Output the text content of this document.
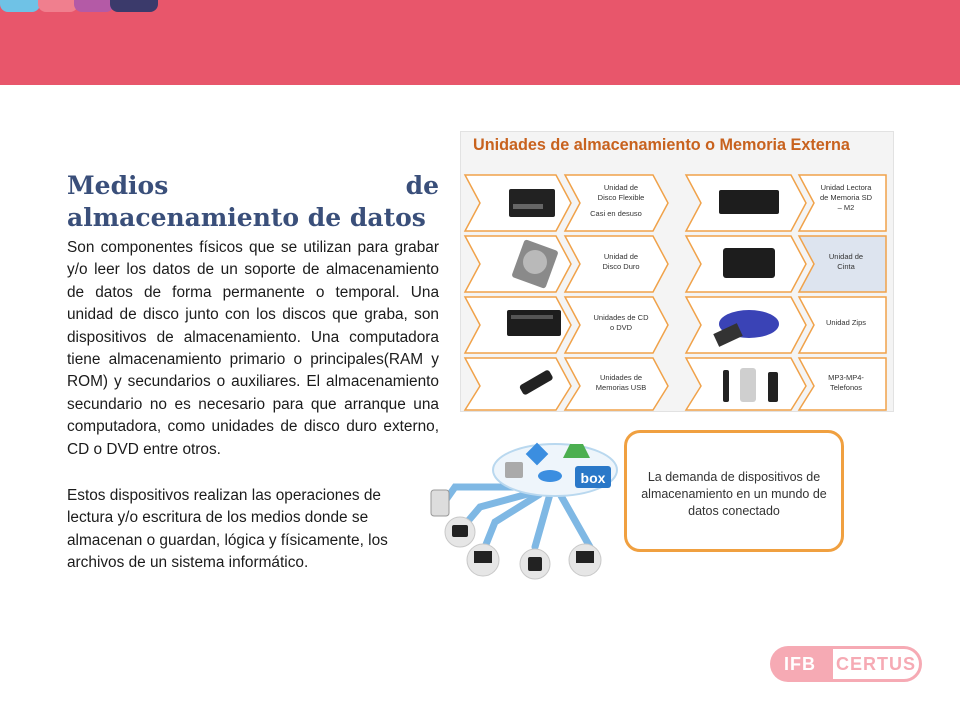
Medios de almacenamiento de datos
Son componentes físicos que se utilizan para grabar y/o leer los datos de un soporte de almacenamiento de datos de forma permanente o temporal. Una unidad de disco junto con los discos que graba, son dispositivos de almacenamiento. Una computadora tiene almacenamiento primario o principales(RAM y ROM) y secundarios o auxiliares. El almacenamiento secundario no es necesario para que arranque una computadora, como unidades de disco duro externo, CD o DVD entre otros.
Estos dispositivos realizan las operaciones de lectura y/o escritura de los medios donde se almacenan o guardan, lógica y físicamente, los archivos de un sistema informático.
Unidad de
Disco Flexible
Casi en desuso
Unidad de
Disco Duro
Unidades de CD
o DVD
Unidades de
Memorias USB
Unidad Lectora
de Memoria SD
– M2
Unidad de
Cinta
Unidad Zips
MP3-MP4-
Telefonos
Unidades de almacenamiento o Memoria Externa
box	La demanda de dispositivos de almacenamiento en un mundo de datos conectado
CERTUS
IFB
